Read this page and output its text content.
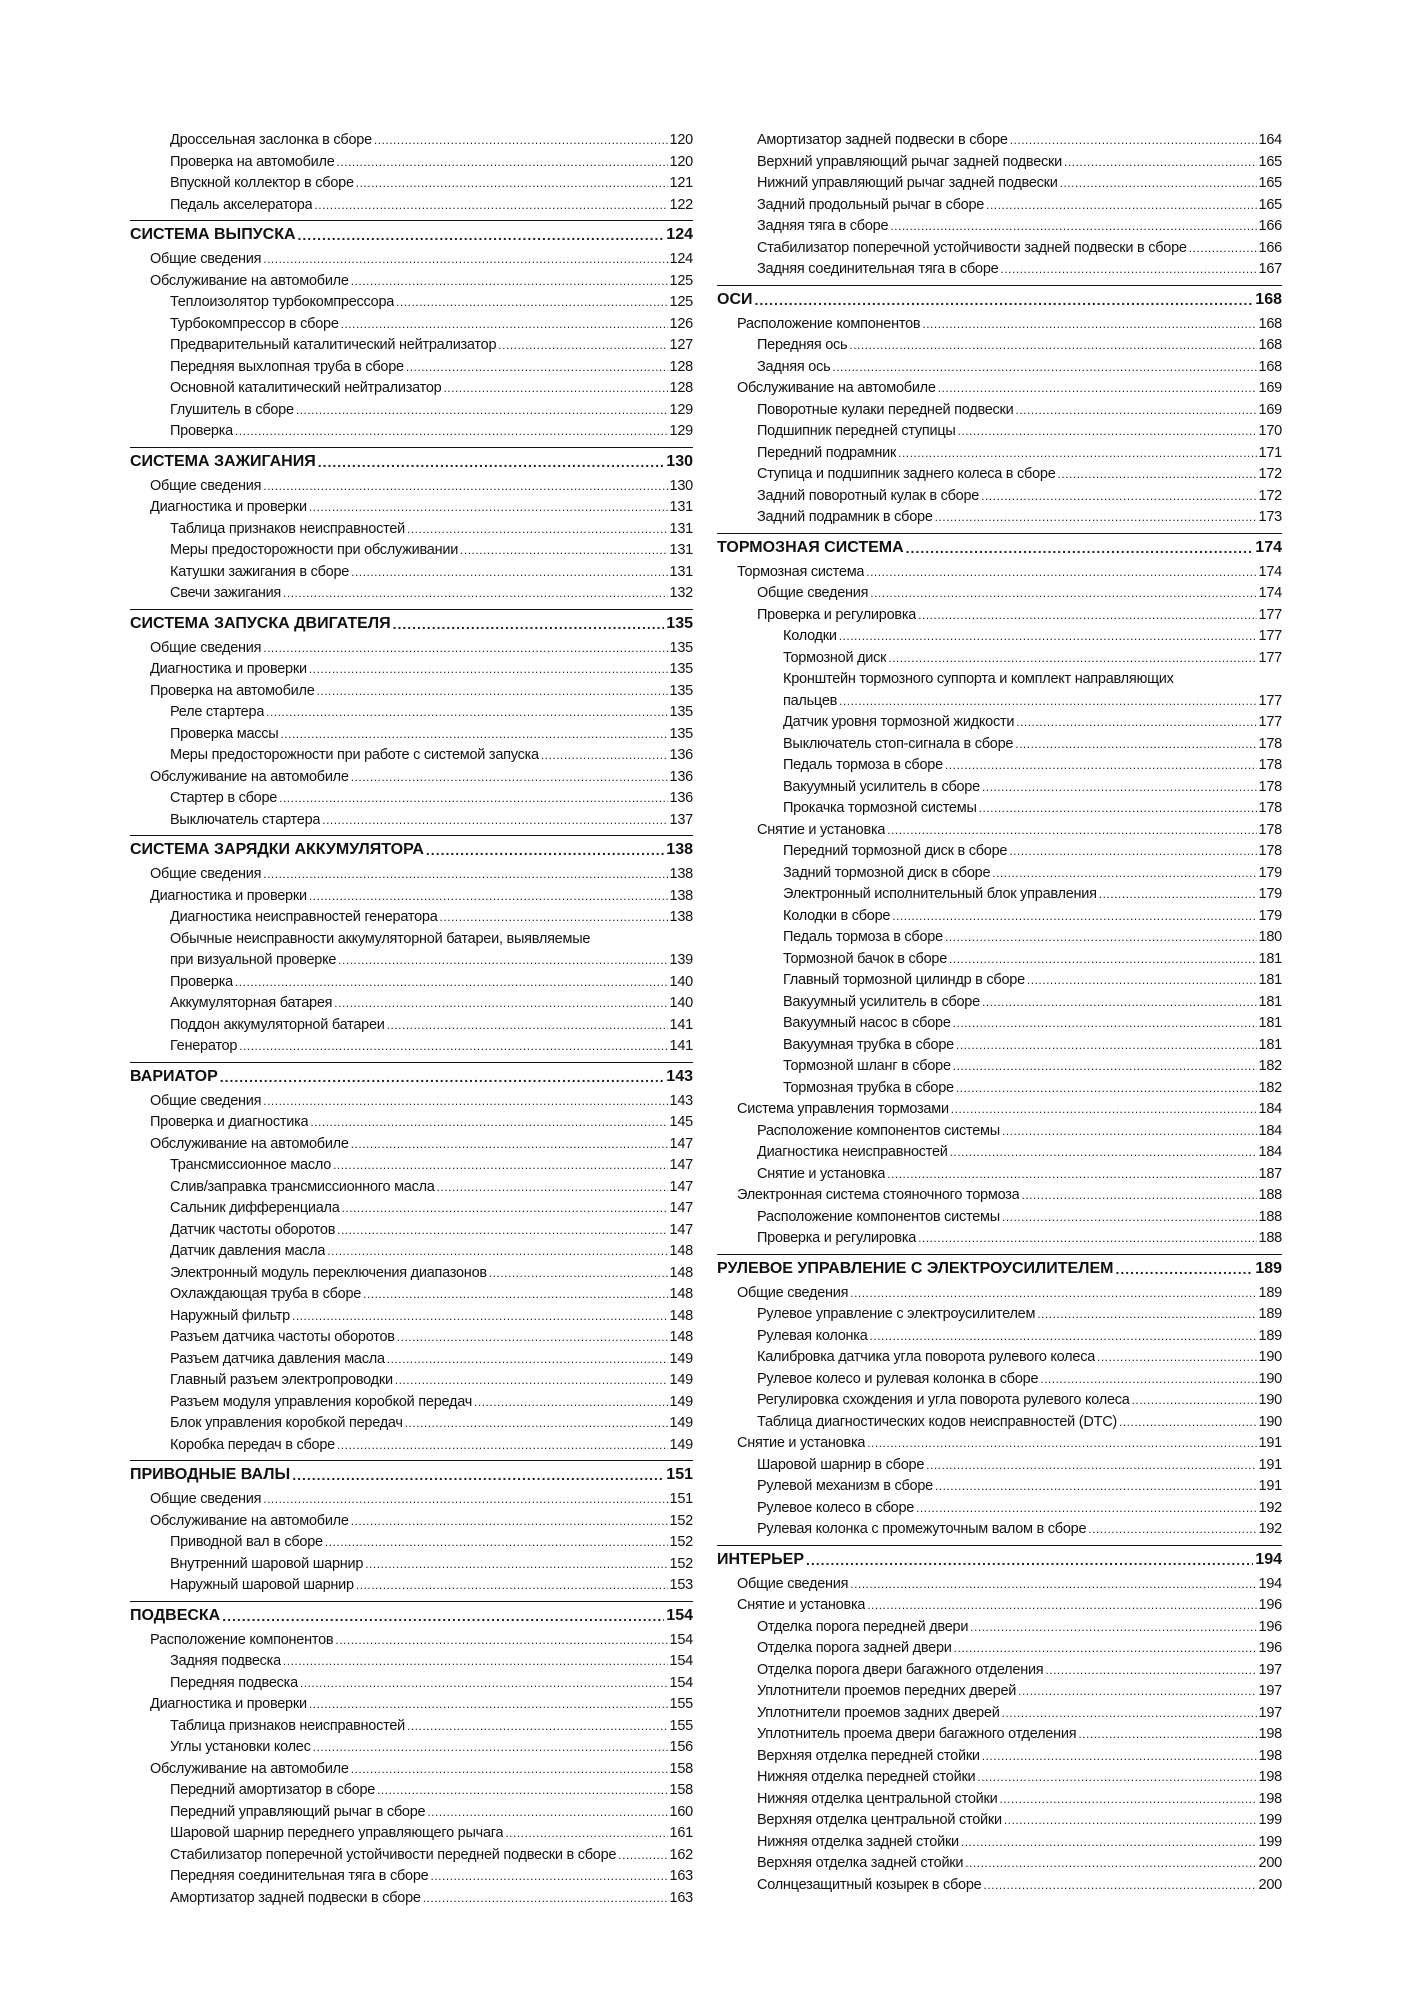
Дроссельная заслонка в сборе .....	120
Проверка на автомобиле .....	120
Впускной коллектор в сборе .....	121
Педаль акселератора .....	122
СИСТЕМА ВЫПУСКА .....	124
Общие сведения .....	124
Обслуживание на автомобиле .....	125
Теплоизолятор турбокомпрессора .....	125
Турбокомпрессор в сборе .....	126
Предварительный каталитический нейтрализатор .....	127
Передняя выхлопная труба в сборе .....	128
Основной каталитический нейтрализатор .....	128
Глушитель в сборе .....	129
Проверка .....	129
СИСТЕМА ЗАЖИГАНИЯ .....	130
Общие сведения .....	130
Диагностика и проверки .....	131
Таблица признаков неисправностей .....	131
Меры предосторожности при обслуживании .....	131
Катушки зажигания в сборе .....	131
Свечи зажигания .....	132
СИСТЕМА ЗАПУСКА ДВИГАТЕЛЯ .....	135
Общие сведения .....	135
Диагностика и проверки .....	135
Проверка на автомобиле .....	135
Реле стартера .....	135
Проверка массы .....	135
Меры предосторожности при работе с системой запуска .....	136
Обслуживание на автомобиле .....	136
Стартер в сборе .....	136
Выключатель стартера .....	137
СИСТЕМА ЗАРЯДКИ АККУМУЛЯТОРА .....	138
Общие сведения .....	138
Диагностика и проверки .....	138
Диагностика неисправностей генератора .....	138
Обычные неисправности аккумуляторной батареи, выявляемые
при визуальной проверке .....	139
Проверка .....	140
Аккумуляторная батарея .....	140
Поддон аккумуляторной батареи .....	141
Генератор .....	141
ВАРИАТОР .....	143
Общие сведения .....	143
Проверка и диагностика .....	145
Обслуживание на автомобиле .....	147
Трансмиссионное масло .....	147
Слив/заправка трансмиссионного масла .....	147
Сальник дифференциала .....	147
Датчик частоты оборотов .....	147
Датчик давления масла .....	148
Электронный модуль переключения диапазонов .....	148
Охлаждающая труба в сборе .....	148
Наружный фильтр .....	148
Разъем датчика частоты оборотов .....	148
Разъем датчика давления масла .....	149
Главный разъем электропроводки .....	149
Разъем модуля управления коробкой передач .....	149
Блок управления коробкой передач .....	149
Коробка передач в сборе .....	149
ПРИВОДНЫЕ ВАЛЫ .....	151
Общие сведения .....	151
Обслуживание на автомобиле .....	152
Приводной вал в сборе .....	152
Внутренний шаровой шарнир .....	152
Наружный шаровой шарнир .....	153
ПОДВЕСКА .....	154
Расположение компонентов .....	154
Задняя подвеска .....	154
Передняя подвеска .....	154
Диагностика и проверки .....	155
Таблица признаков неисправностей .....	155
Углы установки колес .....	156
Обслуживание на автомобиле .....	158
Передний амортизатор в сборе .....	158
Передний управляющий рычаг в сборе .....	160
Шаровой шарнир переднего управляющего рычага .....	161
Стабилизатор поперечной устойчивости передней подвески в сборе .....	162
Передняя соединительная тяга в сборе .....	163
Амортизатор задней подвески в сборе .....	163
Амортизатор задней подвески в сборе .....	164
Верхний управляющий рычаг задней подвески .....	165
Нижний управляющий рычаг задней подвески .....	165
Задний продольный рычаг в сборе .....	165
Задняя тяга в сборе .....	166
Стабилизатор поперечной устойчивости задней подвески в сборе .....	166
Задняя соединительная тяга в сборе .....	167
ОСИ .....	168
Расположение компонентов .....	168
Передняя ось .....	168
Задняя ось .....	168
Обслуживание на автомобиле .....	169
Поворотные кулаки передней подвески .....	169
Подшипник передней ступицы .....	170
Передний подрамник .....	171
Ступица и подшипник заднего колеса в сборе .....	172
Задний поворотный кулак в сборе .....	172
Задний подрамник в сборе .....	173
ТОРМОЗНАЯ СИСТЕМА .....	174
Тормозная система .....	174
Общие сведения .....	174
Проверка и регулировка .....	177
Колодки .....	177
Тормозной диск .....	177
Кронштейн тормозного суппорта и комплект направляющих
пальцев .....	177
Датчик уровня тормозной жидкости .....	177
Выключатель стоп-сигнала в сборе .....	178
Педаль тормоза в сборе .....	178
Вакуумный усилитель в сборе .....	178
Прокачка тормозной системы .....	178
Снятие и установка .....	178
Передний тормозной диск в сборе .....	178
Задний тормозной диск в сборе .....	179
Электронный исполнительный блок управления .....	179
Колодки в сборе .....	179
Педаль тормоза в сборе .....	180
Тормозной бачок в сборе .....	181
Главный тормозной цилиндр в сборе .....	181
Вакуумный усилитель в сборе .....	181
Вакуумный насос в сборе .....	181
Вакуумная трубка в сборе .....	181
Тормозной шланг в сборе .....	182
Тормозная трубка в сборе .....	182
Система управления тормозами .....	184
Расположение компонентов системы .....	184
Диагностика неисправностей .....	184
Снятие и установка .....	187
Электронная система стояночного тормоза .....	188
Расположение компонентов системы .....	188
Проверка и регулировка .....	188
РУЛЕВОЕ УПРАВЛЕНИЕ С ЭЛЕКТРОУСИЛИТЕЛЕМ .....	189
Общие сведения .....	189
Рулевое управление с электроусилителем .....	189
Рулевая колонка .....	189
Калибровка датчика угла поворота рулевого колеса .....	190
Рулевое колесо и рулевая колонка в сборе .....	190
Регулировка схождения и угла поворота рулевого колеса .....	190
Таблица диагностических кодов неисправностей (DTC) .....	190
Снятие и установка .....	191
Шаровой шарнир в сборе .....	191
Рулевой механизм в сборе .....	191
Рулевое колесо в сборе .....	192
Рулевая колонка с промежуточным валом в сборе .....	192
ИНТЕРЬЕР .....	194
Общие сведения .....	194
Снятие и установка .....	196
Отделка порога передней двери .....	196
Отделка порога задней двери .....	196
Отделка порога двери багажного отделения .....	197
Уплотнители проемов передних дверей .....	197
Уплотнители проемов задних дверей .....	197
Уплотнитель проема двери багажного отделения .....	198
Верхняя отделка передней стойки .....	198
Нижняя отделка передней стойки .....	198
Нижняя отделка центральной стойки .....	198
Верхняя отделка центральной стойки .....	199
Нижняя отделка задней стойки .....	199
Верхняя отделка задней стойки .....	200
Солнцезащитный козырек в сборе .....	200
